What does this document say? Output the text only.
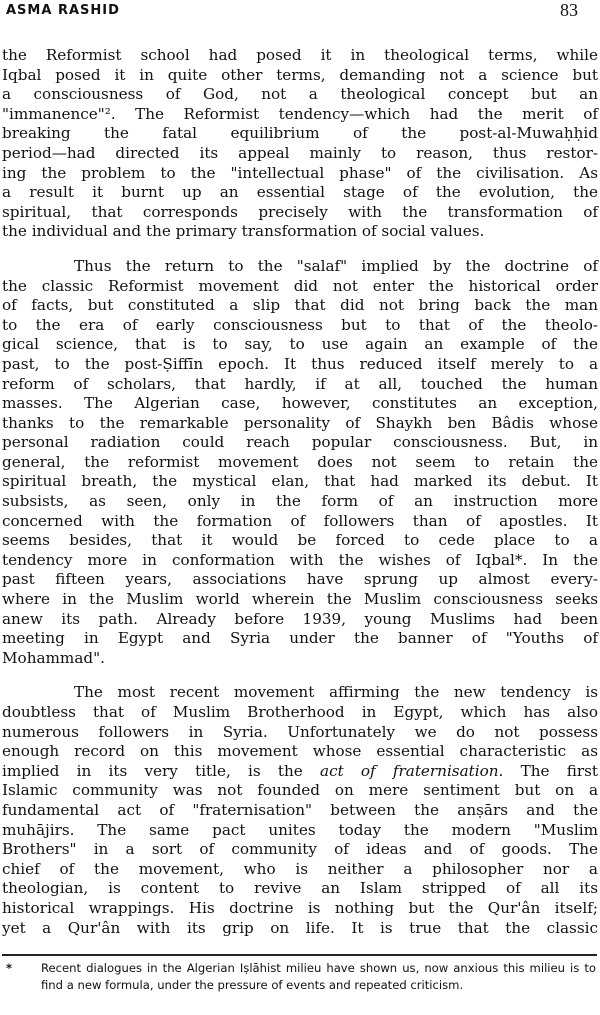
ASMA RASHID	83
the Reformist school had posed it in theological terms, while
Iqbal posed it in quite other terms, demanding not a science but
a consciousness of God, not a theological concept but an
"immanence"². The Reformist tendency—which had the merit of
breaking the fatal equilibrium of the post-al-Muwaḥḥid
period—had directed its appeal mainly to reason, thus restor-
ing the problem to the "intellectual phase" of the civilisation. As
a result it burnt up an essential stage of the evolution, the
spiritual, that corresponds precisely with the transformation of
the individual and the primary transformation of social values.
Thus the return to the "salaf" implied by the doctrine of
the classic Reformist movement did not enter the historical order
of facts, but constituted a slip that did not bring back the man
to the era of early consciousness but to that of the theolo-
gical science, that is to say, to use again an example of the
past, to the post-Ṣiffīn epoch. It thus reduced itself merely to a
reform of scholars, that hardly, if at all, touched the human
masses. The Algerian case, however, constitutes an exception,
thanks to the remarkable personality of Shaykh ben Bâdis whose
personal radiation could reach popular consciousness. But, in
general, the reformist movement does not seem to retain the
spiritual breath, the mystical elan, that had marked its debut. It
subsists, as seen, only in the form of an instruction more
concerned with the formation of followers than of apostles. It
seems besides, that it would be forced to cede place to a
tendency more in conformation with the wishes of Iqbal*. In the
past fifteen years, associations have sprung up almost every-
where in the Muslim world wherein the Muslim consciousness seeks
anew its path. Already before 1939, young Muslims had been
meeting in Egypt and Syria under the banner of "Youths of
Mohammad".
The most recent movement affirming the new tendency is
doubtless that of Muslim Brotherhood in Egypt, which has also
numerous followers in Syria. Unfortunately we do not possess
enough record on this movement whose essential characteristic as
implied in its very title, is the act of fraternisation. The first
Islamic community was not founded on mere sentiment but on a
fundamental act of "fraternisation" between the anṣārs and the
muhājirs. The same pact unites today the modern "Muslim
Brothers" in a sort of community of ideas and of goods. The
chief of the movement, who is neither a philosopher nor a
theologian, is content to revive an Islam stripped of all its
historical wrappings. His doctrine is nothing but the Qur'ân itself;
yet a Qur'ân with its grip on life. It is true that the classic
* Recent dialogues in the Algerian Iṣlāhist milieu have shown us, now anxious this milieu is to find a new formula, under the pressure of events and repeated criticism.
